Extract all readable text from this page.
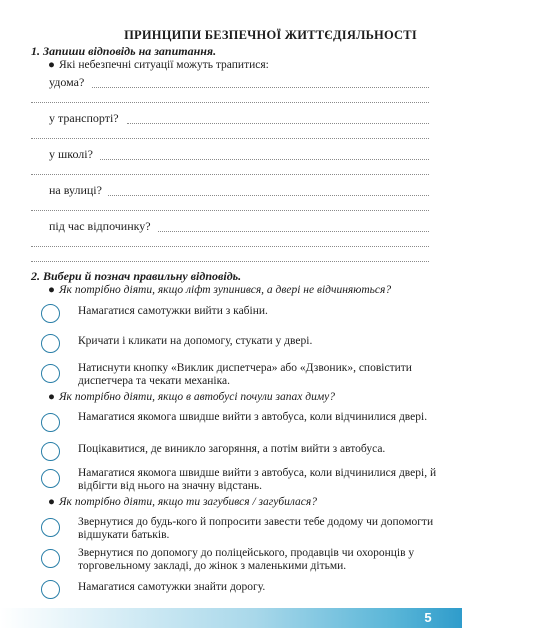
ПРИНЦИПИ БЕЗПЕЧНОЇ ЖИТТЄДІЯЛЬНОСТІ
1. Запиши відповідь на запитання.
● Які небезпечні ситуації можуть трапитися:
удома?
у транспорті?
у школі?
на вулиці?
під час відпочинку?
2. Вибери й познач правильну відповідь.
● Як потрібно діяти, якщо ліфт зупинився, а двері не відчиняються?
Намагатися самотужки вийти з кабіни.
Кричати і кликати на допомогу, стукати у двері.
Натиснути кнопку «Виклик диспетчера» або «Дзвоник», сповістити диспетчера та чекати механіка.
● Як потрібно діяти, якщо в автобусі почули запах диму?
Намагатися якомога швидше вийти з автобуса, коли відчинилися двері.
Поцікавитися, де виникло загоряння, а потім вийти з автобуса.
Намагатися якомога швидше вийти з автобуса, коли відчинилися двері, й відбігти від нього на значну відстань.
● Як потрібно діяти, якщо ти загубився / загубилася?
Звернутися до будь-кого й попросити завести тебе додому чи допомогти відшукати батьків.
Звернутися по допомогу до поліцейського, продавців чи охоронців у торговельному закладі, до жінок з маленькими дітьми.
Намагатися самотужки знайти дорогу.
5
